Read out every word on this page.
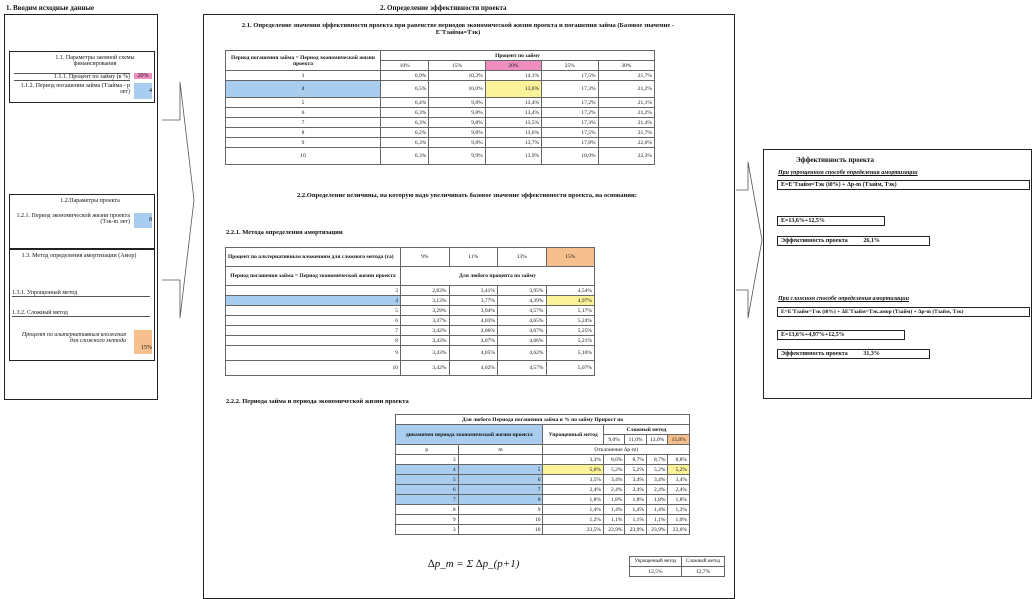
1. Вводим исходные данные
1.1. Параметры заемной схемы финансирования
1.1.1. Процент по займу (в %)	20%
1.1.2. Период погашения займа (Тзайма - р лет)	4
1.2.Параметры проекта
1.2.1. Период экономической жизни проекта (Тэк-m лет)	8
1.3. Метод определения амортизации (Амор)
1.3.1. Упрощенный метод
1.3.2. Сложный метод
Процент по альтернативным вложения для сложного метода
15%
2. Определение эффективности проекта
2.1. Определение значения эффективности проекта при равенстве периодов экономической жизни проекта и погашения займа (Базовое значение - Е'Тзайма=Тэк)
Период погашения займа = Период экономической жизни проекта	Процент по займу				
	10%	15%	20%	25%	30%
3	6,9%	10,3%	14,1%	17,5%	21,7%
4	6,5%	10,0%	13,6%	17,3%	21,2%
5	6,4%	9,8%	13,4%	17,2%	21,1%
6	6,3%	9,8%	13,4%	17,2%	21,2%
7	6,3%	9,8%	13,5%	17,3%	21,4%
8	6,2%	9,8%	13,6%	17,5%	21,7%
9	6,3%	9,8%	13,7%	17,8%	22,0%
10	6,3%	9,9%	13,9%	18,0%	22,3%
2.2.Определение величины, на которую надо увеличивать базовое значение эффективности проекта, на основании:
2.2.1. Метода определения амортизации
Процент по альтернативным вложениям для сложного метода (ra)	9%	11%	13%	15%
Период погашения займа = Период экономической жизни проекта	Для любого процента по займу			
3	2,83%	3,41%	3,95%	4,54%
4	3,13%	3,77%	4,39%	4,97%
5	3,29%	3,94%	4,57%	5,17%
6	3,37%	4,03%	4,65%	5,24%
7	3,42%	4,06%	4,67%	5,25%
8	3,43%	4,07%	4,66%	5,21%
9	3,43%	4,05%	4,62%	5,16%
10	3,42%	4,02%	4,57%	5,07%
2.2.2. Периода займа и периода экономической жизни проекта
Для любого Периода погашения займа и % по займу Прирост по						
динамичен периода экономической жизни проекта		Упрощенный метод	Сложный метод			
			9,0%	11,0%	13,0%	15,0%
p	m	Отклонение ∆p-m)				
3		3,3%	8,6%	8,7%	8,7%	8,8%
4	5	5,0%	5,2%	5,2%	5,2%	5,2%
5	6	3,5%	3,4%	3,4%	3,4%	3,4%
6	7	2,4%	2,4%	2,4%	2,4%	2,4%
7	8	1,8%	1,8%	1,8%	1,8%	1,8%
8	9	1,4%	1,4%	1,4%	1,4%	1,3%
9	10	1,2%	1,1%	1,1%	1,1%	1,0%
3	10	23,5%	23,9%	23,9%	23,9%	23,6%
∆p_m = Σ ∆p_(p+1)	Упрощенный метод	Сложный метод
12,5%	12,7%
Эффективность проекта
При упрощенном способе определения амортизации
E=E'Тзайм=Тэк (i0%) + ∆p-m (Тзайм, Тэк)
E=13,6%+12,5%
Эффективность проекта	26,1%
При сложном способе определения амортизации
E=E'Тзайм=Тэк (i0%) + ∆E'Тзайм=Тэк.амор (Тзайм) + ∆p-m (Тзайм, Тэк)
E=13,6%+4,97%+12,5%
Эффективность проекта	31,3%
